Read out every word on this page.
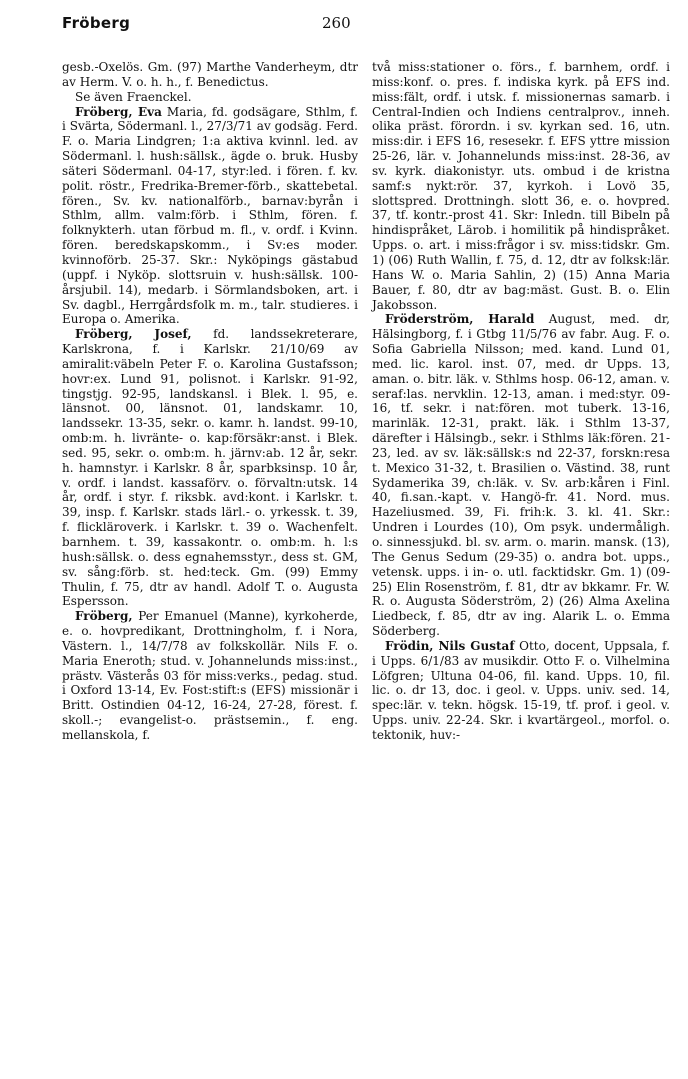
Fröberg	260

gesb.-Oxelös. Gm. (97) Marthe Vanderheym, dtr av Herm. V. o. h. h., f. Benedictus.

Se även Fraenckel.

Fröberg, Eva Maria, fd. godsägare, Sthlm, f. i Svärta, Södermanl. l., 27/3/71 av godsäg. Ferd. F. o. Maria Lindgren; 1:a aktiva kvinnl. led. av Södermanl. l. hush:sällsk., ägde o. bruk. Husby säteri Södermanl. 04-17, styr:led. i fören. f. kv. polit. röstr., Fredrika-Bremer-förb., skattebetal. fören., Sv. kv. nationalförb., barnav:byrån i Sthlm, allm. valm:förb. i Sthlm, fören. f. folknykterh. utan förbud m. fl., v. ordf. i Kvinn. fören. beredskapskomm., i Sv:es moder. kvinnoförb. 25-37. Skr.: Nyköpings gästabud (uppf. i Nyköp. slottsruin v. hush:sällsk. 100-årsjubil. 14), medarb. i Sörmlandsboken, art. i Sv. dagbl., Herrgårdsfolk m. m., talr. studieres. i Europa o. Amerika.

Fröberg, Josef, fd. landssekreterare, Karlskrona, f. i Karlskr. 21/10/69 av amiralit:väbeln Peter F. o. Karolina Gustafsson; hovr:ex. Lund 91, polisnot. i Karlskr. 91-92, tingstjg. 92-95, landskansl. i Blek. l. 95, e. länsnot. 00, länsnot. 01, landskamr. 10, landssekr. 13-35, sekr. o. kamr. h. landst. 99-10, omb:m. h. livränte- o. kap:försäkr:anst. i Blek. sed. 95, sekr. o. omb:m. h. järnv:ab. 12 år, sekr. h. hamnstyr. i Karlskr. 8 år, sparbksinsp. 10 år, v. ordf. i landst. kassaförv. o. förvaltn:utsk. 14 år, ordf. i styr. f. riksbk. avd:kont. i Karlskr. t. 39, insp. f. Karlskr. stads lärl.- o. yrkessk. t. 39, f. flickläroverk. i Karlskr. t. 39 o. Wachenfelt. barnhem. t. 39, kassakontr. o. omb:m. h. l:s hush:sällsk. o. dess egnahemsstyr., dess st. GM, sv. sång:förb. st. hed:teck. Gm. (99) Emmy Thulin, f. 75, dtr av handl. Adolf T. o. Augusta Espersson.

Fröberg, Per Emanuel (Manne), kyrkoherde, e. o. hovpredikant, Drottningholm, f. i Nora, Västern. l., 14/7/78 av folkskollär. Nils F. o. Maria Eneroth; stud. v. Johannelunds miss:inst., prästv. Västerås 03 för miss:verks., pedag. stud. i Oxford 13-14, Ev. Fost:stift:s (EFS) missionär i Britt. Ostindien 04-12, 16-24, 27-28, förest. f. skoll.-; evangelist-o. prästsemin., f. eng. mellanskola, f.

två miss:stationer o. förs., f. barnhem, ordf. i miss:konf. o. pres. f. indiska kyrk. på EFS ind. miss:fält, ordf. i utsk. f. missionernas samarb. i Central-Indien och Indiens centralprov., inneh. olika präst. förordn. i sv. kyrkan sed. 16, utn. miss:dir. i EFS 16, resesekr. f. EFS yttre mission 25-26, lär. v. Johannelunds miss:inst. 28-36, av sv. kyrk. diakonistyr. uts. ombud i de kristna samf:s nykt:rör. 37, kyrkoh. i Lovö 35, slottspred. Drottningh. slott 36, e. o. hovpred. 37, tf. kontr.-prost 41. Skr: Inledn. till Bibeln på hindispråket, Lärob. i homilitik på hindispråket. Upps. o. art. i miss:frågor i sv. miss:tidskr. Gm. 1) (06) Ruth Wallin, f. 75, d. 12, dtr av folksk:lär. Hans W. o. Maria Sahlin, 2) (15) Anna Maria Bauer, f. 80, dtr av bag:mäst. Gust. B. o. Elin Jakobsson.

Fröderström, Harald August, med. dr, Hälsingborg, f. i Gtbg 11/5/76 av fabr. Aug. F. o. Sofia Gabriella Nilsson; med. kand. Lund 01, med. lic. karol. inst. 07, med. dr Upps. 13, aman. o. bitr. läk. v. Sthlms hosp. 06-12, aman. v. seraf:las. nervklin. 12-13, aman. i med:styr. 09-16, tf. sekr. i nat:fören. mot tuberk. 13-16, marinläk. 12-31, prakt. läk. i Sthlm 13-37, därefter i Hälsingb., sekr. i Sthlms läk:fören. 21-23, led. av sv. läk:sällsk:s nd 22-37, forskn:resa t. Mexico 31-32, t. Brasilien o. Västind. 38, runt Sydamerika 39, ch:läk. v. Sv. arb:kåren i Finl. 40, fi.san.-kapt. v. Hangö-fr. 41. Nord. mus. Hazeliusmed. 39, Fi. frih:k. 3. kl. 41. Skr.: Undren i Lourdes (10), Om psyk. undermåligh. o. sinnessjukd. bl. sv. arm. o. marin. mansk. (13), The Genus Sedum (29-35) o. andra bot. upps., vetensk. upps. i in- o. utl. facktidskr. Gm. 1) (09-25) Elin Rosenström, f. 81, dtr av bkkamr. Fr. W. R. o. Augusta Söderström, 2) (26) Alma Axelina Liedbeck, f. 85, dtr av ing. Alarik L. o. Emma Söderberg.

Frödin, Nils Gustaf Otto, docent, Uppsala, f. i Upps. 6/1/83 av musikdir. Otto F. o. Vilhelmina Löfgren; Ultuna 04-06, fil. kand. Upps. 10, fil. lic. o. dr 13, doc. i geol. v. Upps. univ. sed. 14, spec:lär. v. tekn. högsk. 15-19, tf. prof. i geol. v. Upps. univ. 22-24. Skr. i kvartärgeol., morfol. o. tektonik, huv:-
